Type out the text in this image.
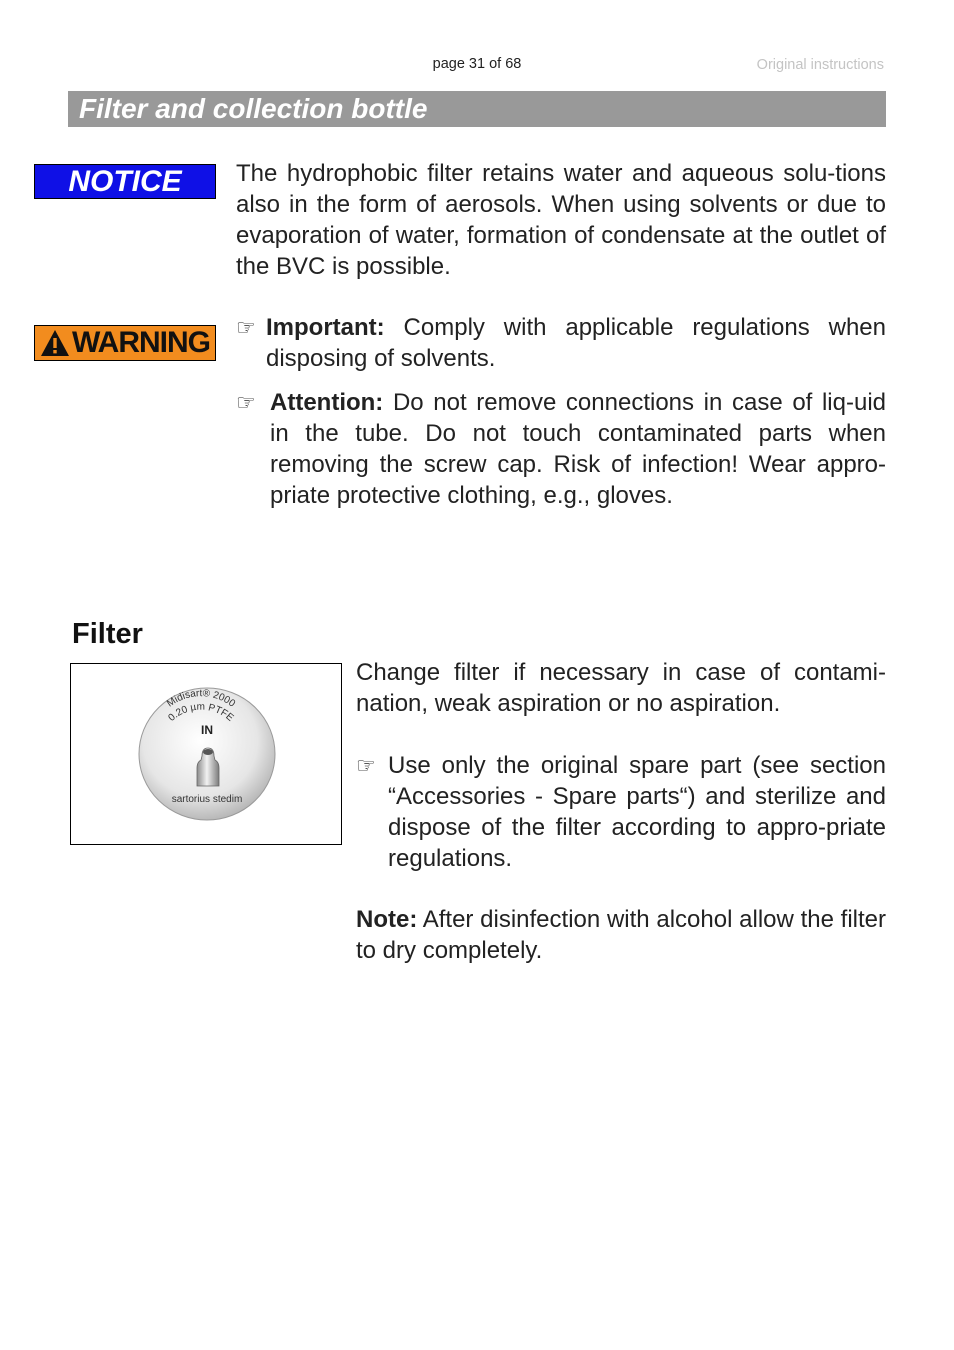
page 31 of 68	Original instructions
Filter and collection bottle
NOTICE	The hydrophobic filter retains water and aqueous solu-tions also in the form of aerosols. When using solvents or due to evaporation of water, formation of condensate at the outlet of the BVC is possible.
WARNING ☞ Important: Comply with applicable regulations when disposing of solvents.
☞ Attention: Do not remove connections in case of liq-uid in the tube. Do not touch contaminated parts when removing the screw cap. Risk of infection! Wear appro-priate protective clothing, e.g., gloves.
Filter
Midisart® 2000
0.20 µm PTFE
IN
sartorius stedim
Change filter if necessary in case of contami-nation, weak aspiration or no aspiration.
☞ Use only the original spare part (see section “Accessories - Spare parts“) and sterilize and dispose of the filter according to appro-priate regulations.
Note: After disinfection with alcohol allow the filter to dry completely.
